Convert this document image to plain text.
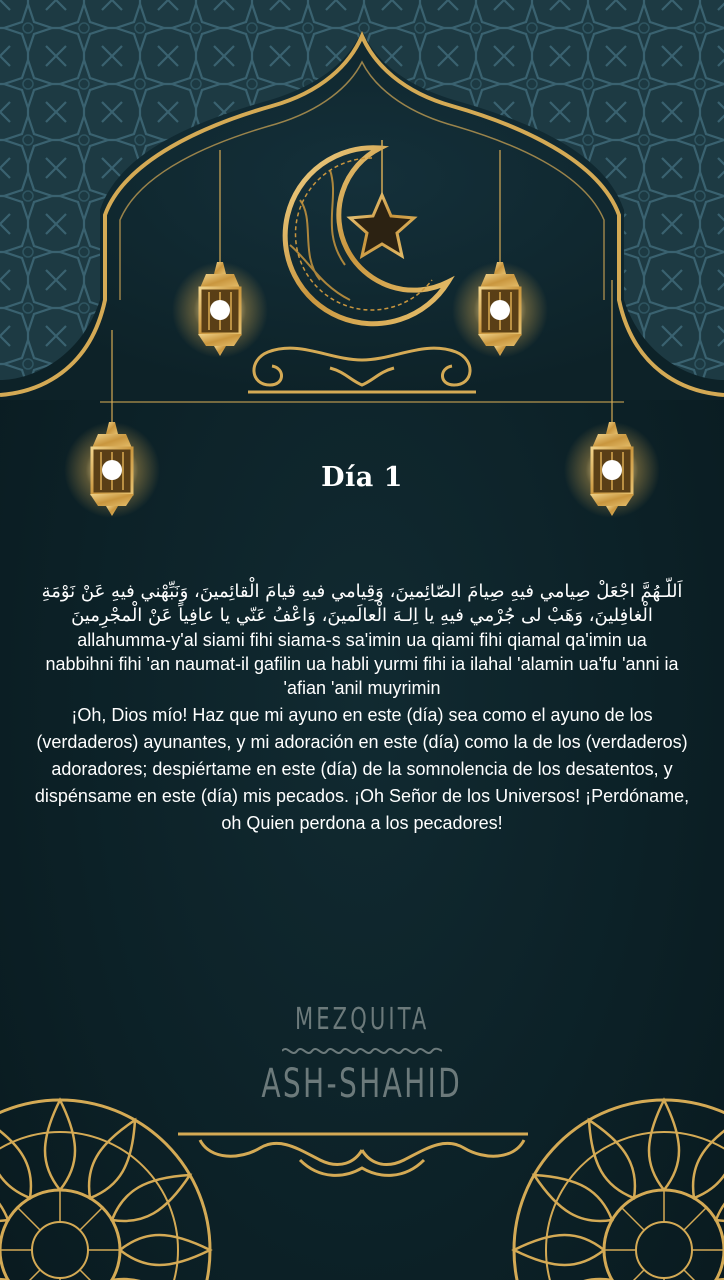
Día 1

اَللّـهُمَّ اجْعَلْ صِيامي فيهِ صِيامَ الصّائِمينَ، وَقِيامي فيهِ قيامَ الْقائِمينَ، وَنَبِّهْني فيهِ عَنْ نَوْمَةِ الْغافِلينَ، وَهَبْ لى جُرْمي فيهِ يا اِلـهَ الْعالَمينَ، وَاعْفُ عَنّي يا عافِياً عَنْ الْمجْرِمينَ

allahumma-y'al siami fihi siama-s sa'imin ua qiami fihi qiamal qa'imin ua nabbihni fihi 'an naumat-il gafilin ua habli yurmi fihi ia ilahal 'alamin ua'fu 'anni ia 'afian 'anil muyrimin

¡Oh, Dios mío! Haz que mi ayuno en este (día) sea como el ayuno de los (verdaderos) ayunantes, y mi adoración en este (día) como la de los (verdaderos) adoradores; despiértame en este (día) de la somnolencia de los desatentos, y dispénsame en este (día) mis pecados. ¡Oh Señor de los Universos! ¡Perdóname, oh Quien perdona a los pecadores!

MEZQUITA
ASH-SHAHID
